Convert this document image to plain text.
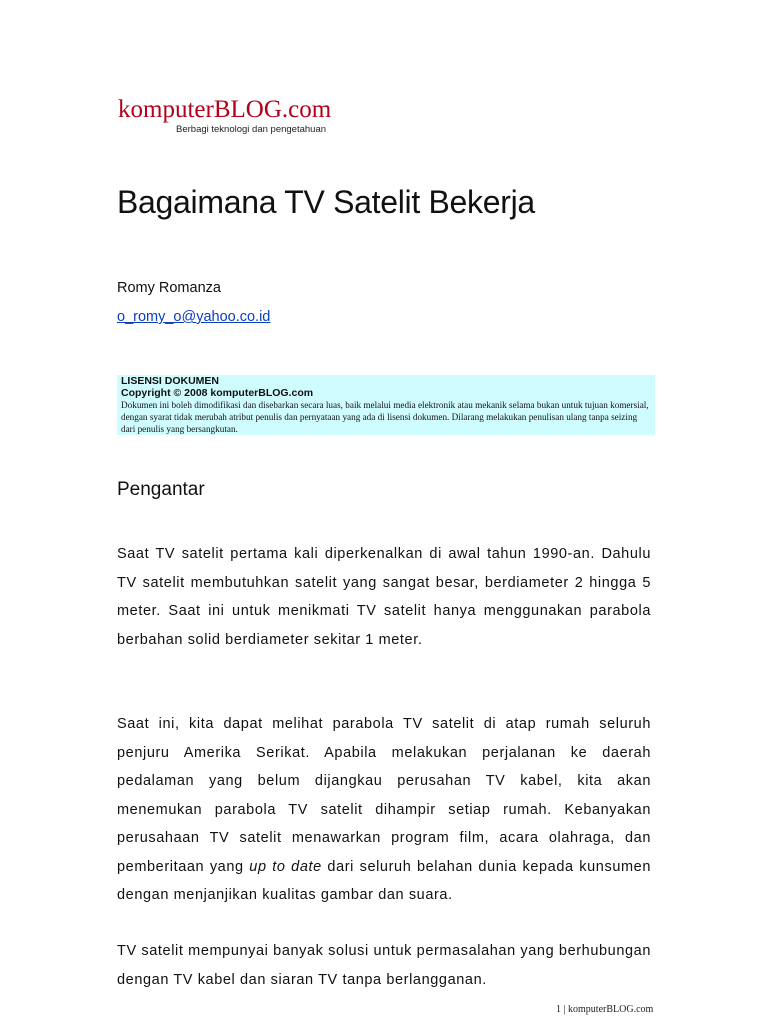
komputerBLOG.com
Berbagi teknologi dan pengetahuan
Bagaimana TV Satelit Bekerja
Romy Romanza
o_romy_o@yahoo.co.id
LISENSI DOKUMEN
Copyright © 2008 komputerBLOG.com
Dokumen ini boleh dimodifikasi dan disebarkan secara luas, baik melalui media elektronik atau mekanik selama bukan untuk tujuan komersial, dengan syarat tidak merubah atribut penulis dan pernyataan yang ada di lisensi dokumen. Dilarang melakukan penulisan ulang tanpa seizing dari penulis yang bersangkutan.
Pengantar

Saat TV satelit pertama kali diperkenalkan di awal tahun 1990-an. Dahulu TV satelit membutuhkan satelit yang sangat besar, berdiameter 2 hingga 5 meter. Saat ini untuk menikmati TV satelit hanya menggunakan parabola berbahan solid berdiameter sekitar 1 meter.

Saat ini, kita dapat melihat parabola TV satelit di atap rumah seluruh penjuru Amerika Serikat. Apabila melakukan perjalanan ke daerah pedalaman yang belum dijangkau perusahan TV kabel, kita akan menemukan parabola TV satelit dihampir setiap rumah. Kebanyakan perusahaan TV satelit menawarkan program film, acara olahraga, dan pemberitaan yang up to date dari seluruh belahan dunia kepada kunsumen dengan menjanjikan kualitas gambar dan suara.

TV satelit mempunyai banyak solusi untuk permasalahan yang berhubungan dengan TV kabel dan siaran TV tanpa berlangganan.

1 | komputerBLOG.com
